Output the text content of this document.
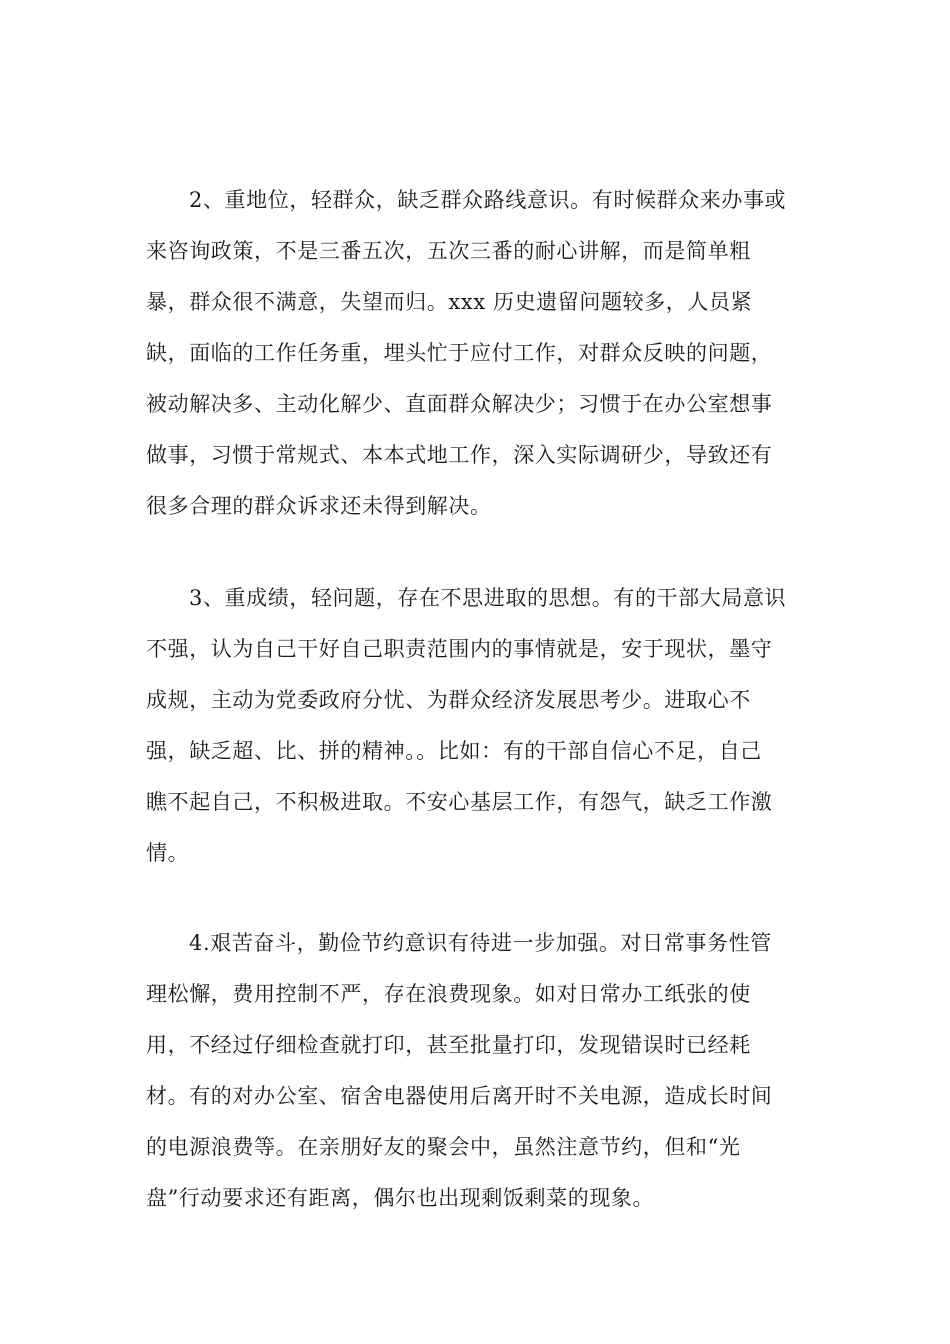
2、重地位，轻群众，缺乏群众路线意识。有时候群众来办事或
来咨询政策，不是三番五次，五次三番的耐心讲解，而是简单粗
暴，群众很不满意，失望而归。xxx 历史遗留问题较多，人员紧
缺，面临的工作任务重，埋头忙于应付工作，对群众反映的问题，
被动解决多、主动化解少、直面群众解决少；习惯于在办公室想事
做事，习惯于常规式、本本式地工作，深入实际调研少，导致还有
很多合理的群众诉求还未得到解决。
3、重成绩，轻问题，存在不思进取的思想。有的干部大局意识
不强，认为自己干好自己职责范围内的事情就是，安于现状，墨守
成规，主动为党委政府分忧、为群众经济发展思考少。进取心不
强，缺乏超、比、拼的精神。。比如：有的干部自信心不足，自己
瞧不起自己，不积极进取。不安心基层工作，有怨气，缺乏工作激
情。
4.艰苦奋斗，勤俭节约意识有待进一步加强。对日常事务性管
理松懈，费用控制不严，存在浪费现象。如对日常办工纸张的使
用，不经过仔细检查就打印，甚至批量打印，发现错误时已经耗
材。有的对办公室、宿舍电器使用后离开时不关电源，造成长时间
的电源浪费等。在亲朋好友的聚会中，虽然注意节约，但和“光
盘”行动要求还有距离，偶尔也出现剩饭剩菜的现象。
